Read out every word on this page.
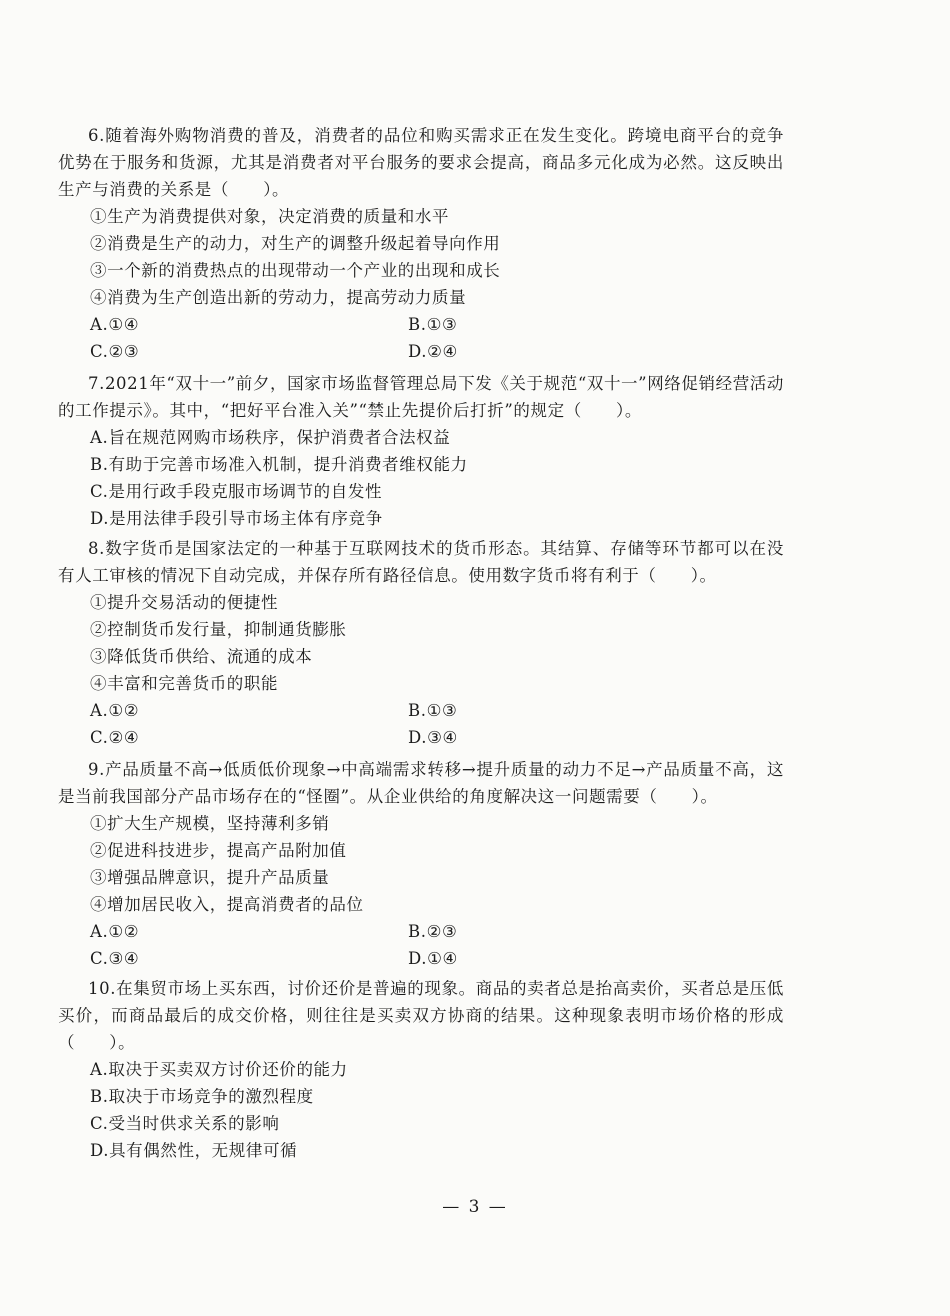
6.随着海外购物消费的普及，消费者的品位和购买需求正在发生变化。跨境电商平台的竞争优势在于服务和货源，尤其是消费者对平台服务的要求会提高，商品多元化成为必然。这反映出生产与消费的关系是（　　）。

①生产为消费提供对象，决定消费的质量和水平

②消费是生产的动力，对生产的调整升级起着导向作用

③一个新的消费热点的出现带动一个产业的出现和成长

④消费为生产创造出新的劳动力，提高劳动力质量

A.①④	B.①③
C.②③	D.②④

7.2021年“双十一”前夕，国家市场监督管理总局下发《关于规范“双十一”网络促销经营活动的工作提示》。其中，“把好平台准入关”“禁止先提价后打折”的规定（　　）。

A.旨在规范网购市场秩序，保护消费者合法权益

B.有助于完善市场准入机制，提升消费者维权能力

C.是用行政手段克服市场调节的自发性

D.是用法律手段引导市场主体有序竞争

8.数字货币是国家法定的一种基于互联网技术的货币形态。其结算、存储等环节都可以在没有人工审核的情况下自动完成，并保存所有路径信息。使用数字货币将有利于（　　）。

①提升交易活动的便捷性

②控制货币发行量，抑制通货膨胀

③降低货币供给、流通的成本

④丰富和完善货币的职能

A.①②	B.①③
C.②④	D.③④

9.产品质量不高→低质低价现象→中高端需求转移→提升质量的动力不足→产品质量不高，这是当前我国部分产品市场存在的“怪圈”。从企业供给的角度解决这一问题需要（　　）。

①扩大生产规模，坚持薄利多销

②促进科技进步，提高产品附加值

③增强品牌意识，提升产品质量

④增加居民收入，提高消费者的品位

A.①②	B.②③
C.③④	D.①④

10.在集贸市场上买东西，讨价还价是普遍的现象。商品的卖者总是抬高卖价，买者总是压低买价，而商品最后的成交价格，则往往是买卖双方协商的结果。这种现象表明市场价格的形成（　　）。

A.取决于买卖双方讨价还价的能力

B.取决于市场竞争的激烈程度

C.受当时供求关系的影响

D.具有偶然性，无规律可循

— 3 —
